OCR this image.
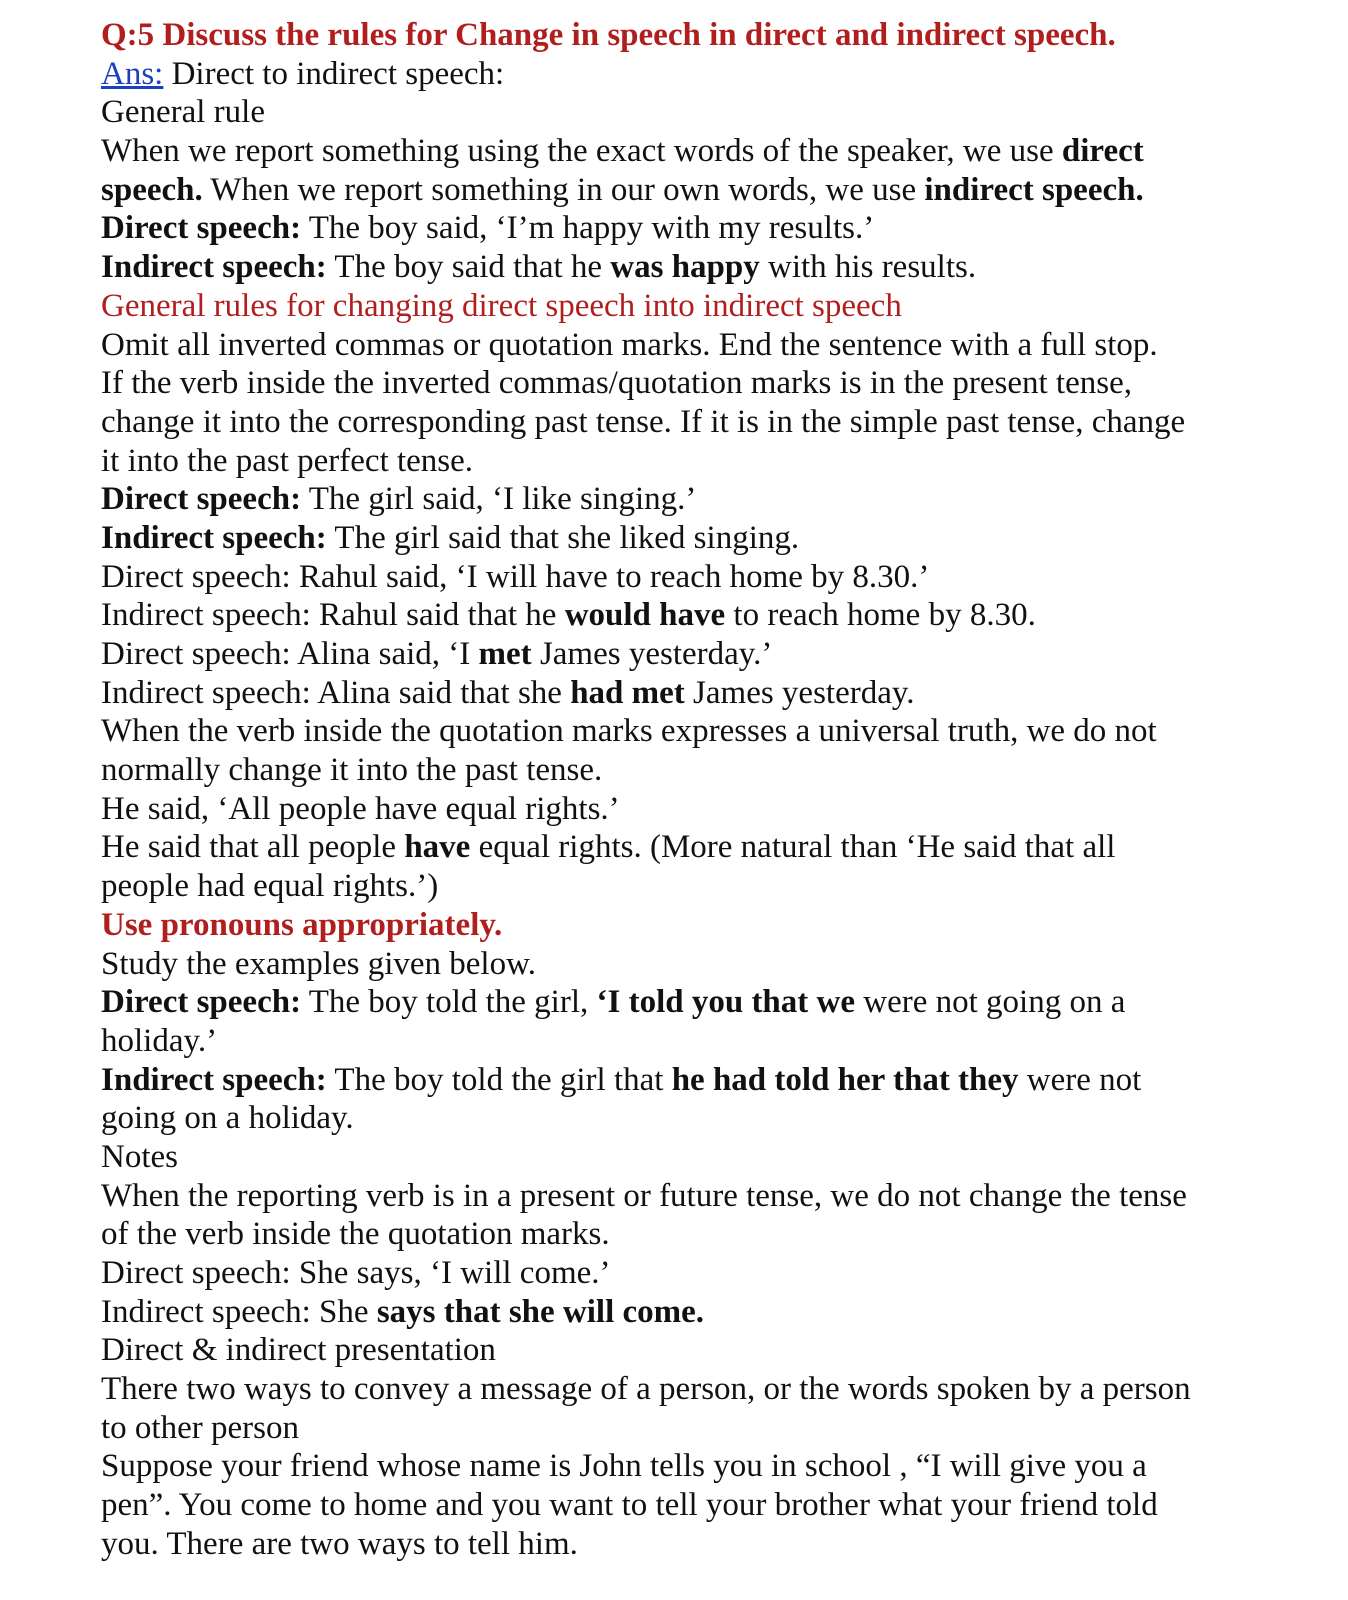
Q:5 Discuss the rules for Change in speech in direct and indirect speech.
Ans: Direct to indirect speech:
General rule
When we report something using the exact words of the speaker, we use direct
speech. When we report something in our own words, we use indirect speech.
Direct speech: The boy said, ‘I’m happy with my results.’
Indirect speech: The boy said that he was happy with his results.
General rules for changing direct speech into indirect speech
Omit all inverted commas or quotation marks. End the sentence with a full stop.
If the verb inside the inverted commas/quotation marks is in the present tense,
change it into the corresponding past tense. If it is in the simple past tense, change
it into the past perfect tense.
Direct speech: The girl said, ‘I like singing.’
Indirect speech: The girl said that she liked singing.
Direct speech: Rahul said, ‘I will have to reach home by 8.30.’
Indirect speech: Rahul said that he would have to reach home by 8.30.
Direct speech: Alina said, ‘I met James yesterday.’
Indirect speech: Alina said that she had met James yesterday.
When the verb inside the quotation marks expresses a universal truth, we do not
normally change it into the past tense.
He said, ‘All people have equal rights.’
He said that all people have equal rights. (More natural than ‘He said that all
people had equal rights.’)
Use pronouns appropriately.
Study the examples given below.
Direct speech: The boy told the girl, ‘I told you that we were not going on a
holiday.’
Indirect speech: The boy told the girl that he had told her that they were not
going on a holiday.
Notes
When the reporting verb is in a present or future tense, we do not change the tense
of the verb inside the quotation marks.
Direct speech: She says, ‘I will come.’
Indirect speech: She says that she will come.
Direct & indirect presentation
There two ways to convey a message of a person, or the words spoken by a person
to other person
Suppose your friend whose name is John tells you in school , “I will give you a
pen”. You come to home and you want to tell your brother what your friend told
you. There are two ways to tell him.
